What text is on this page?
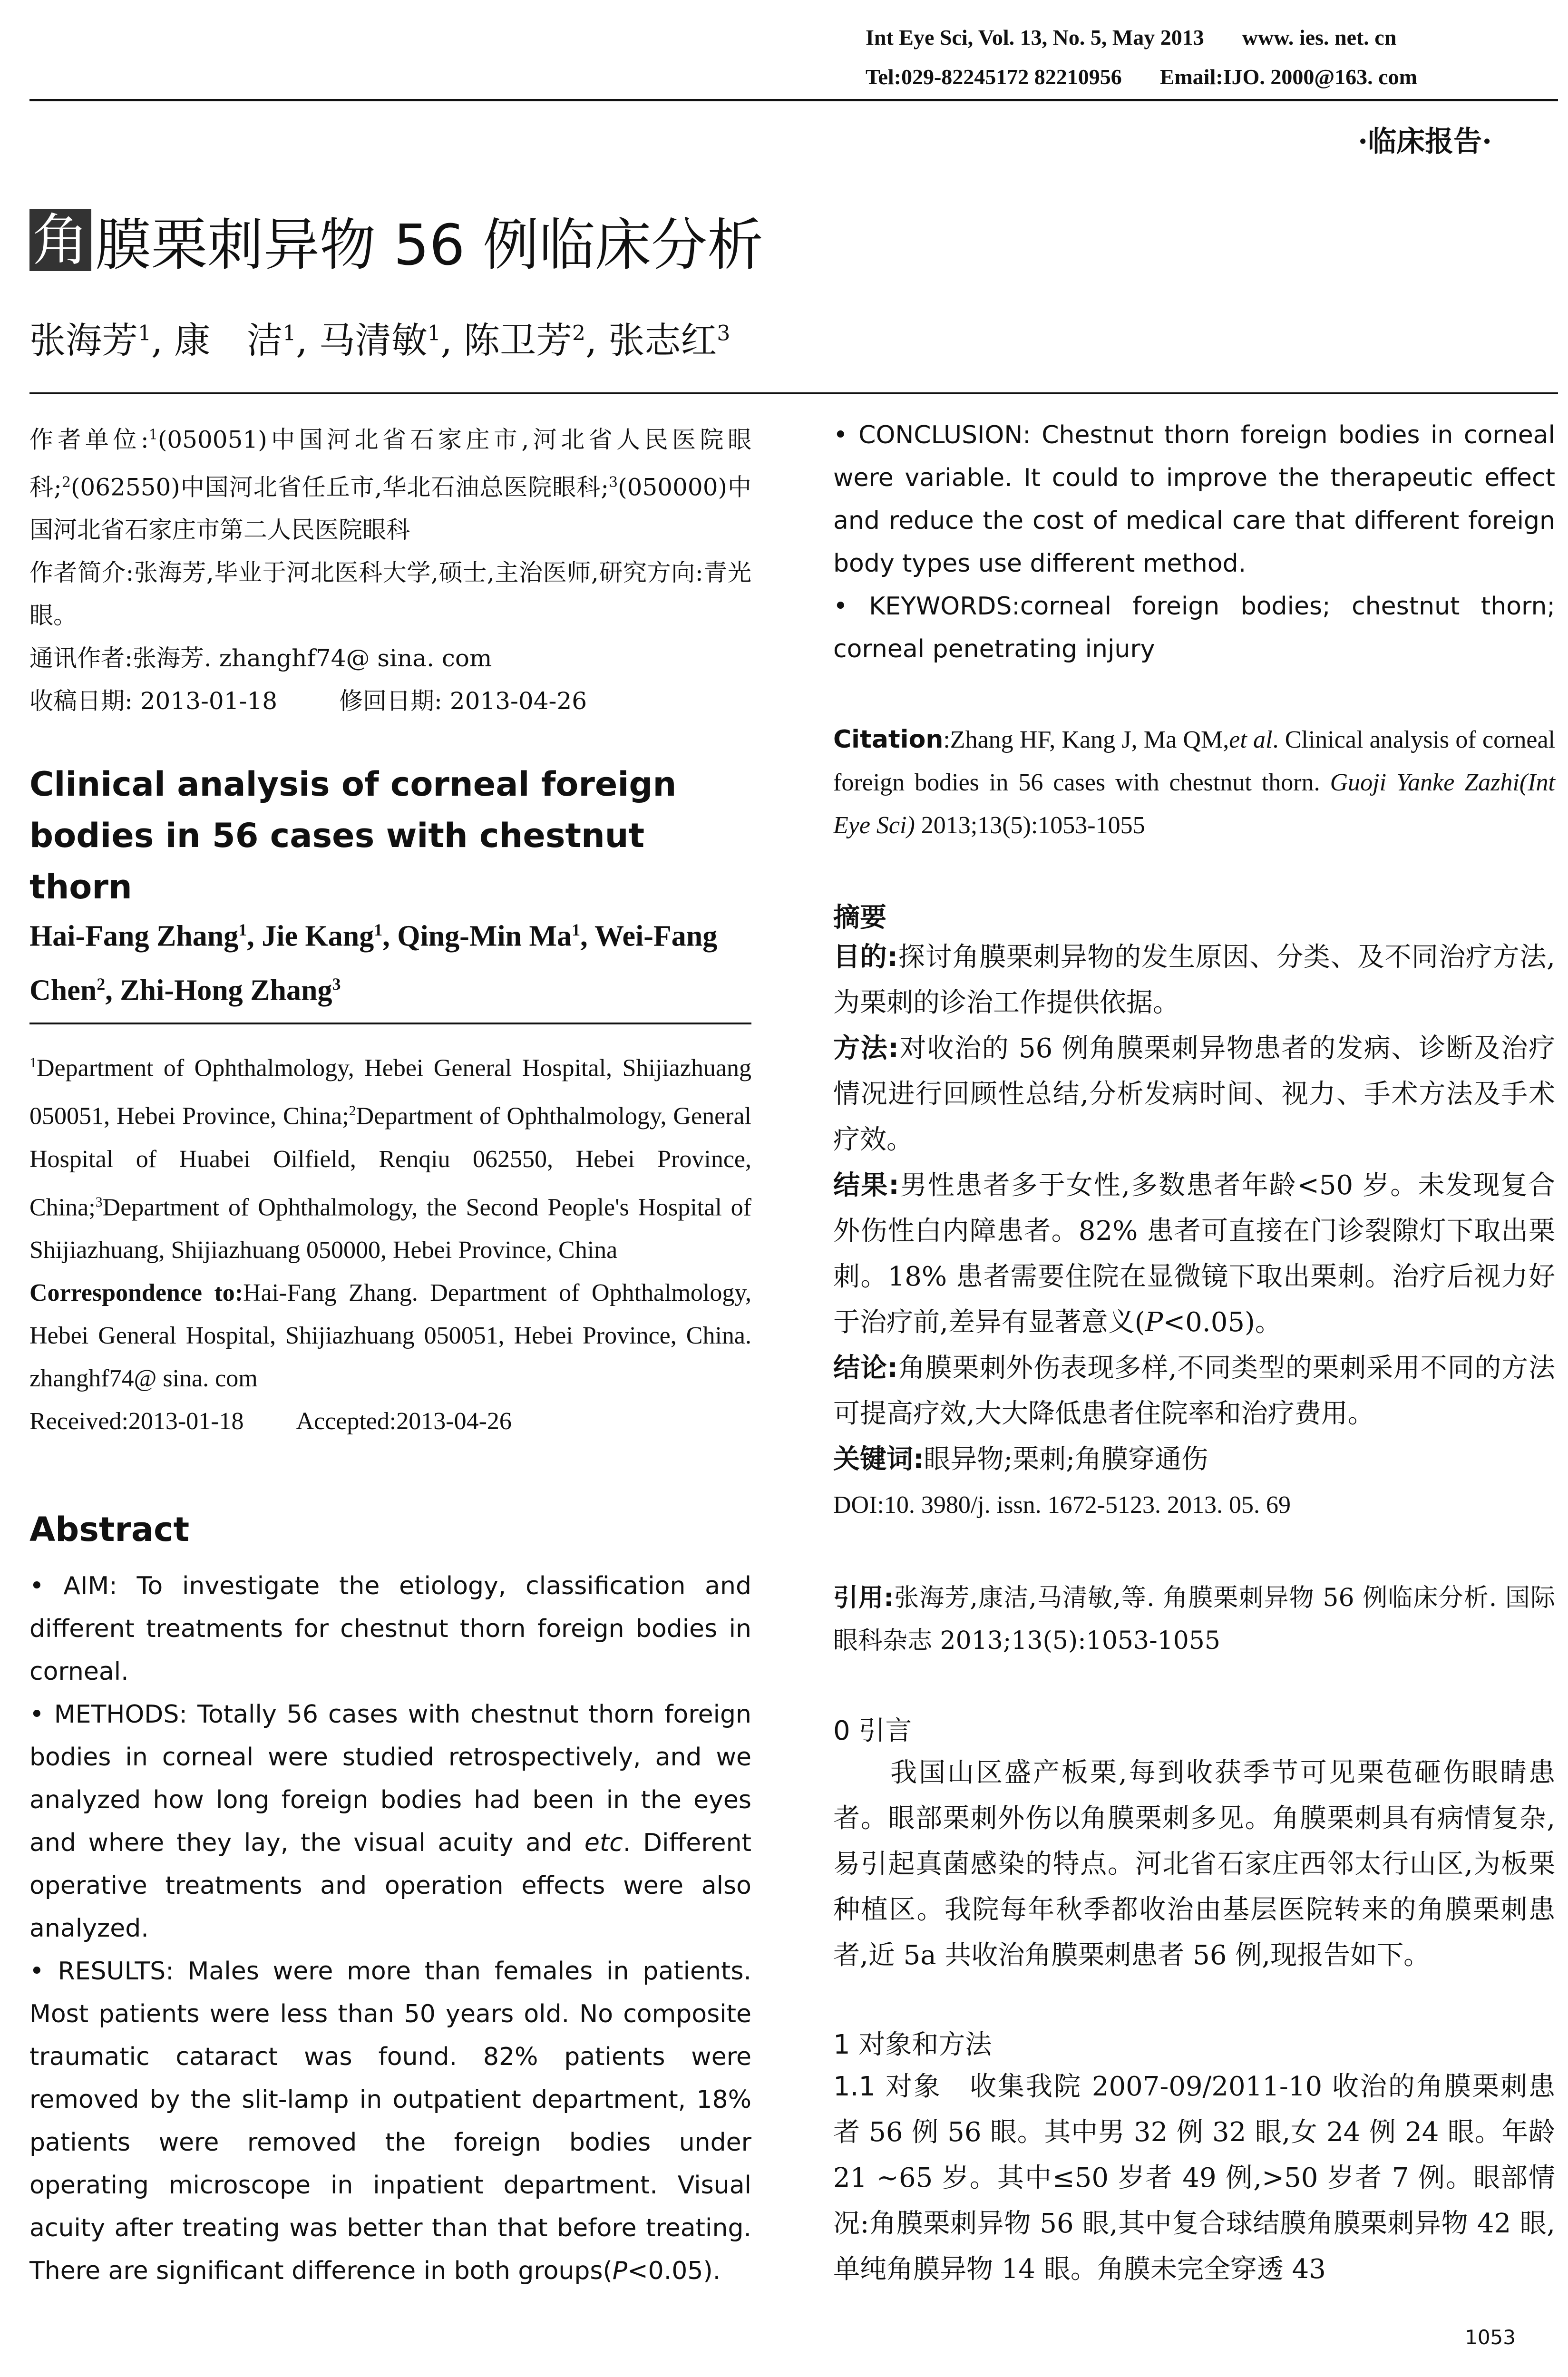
Int Eye Sci, Vol. 13, No. 5, May 2013 www. ies. net. cn
Tel:029-82245172 82210956 Email:IJO. 2000@163. com
·临床报告·
角 膜栗刺异物 56 例临床分析
张海芳$^1$, 康　洁$^1$, 马清敏$^1$, 陈卫芳$^2$, 张志红$^3$
作者单位:$^1$(050051)中国河北省石家庄市,河北省人民医院眼科;$^2$(062550)中国河北省任丘市,华北石油总医院眼科;$^3$(050000)中国河北省石家庄市第二人民医院眼科
作者简介:张海芳,毕业于河北医科大学,硕士,主治医师,研究方向:青光眼。
通讯作者:张海芳. zhanghf74@ sina. com
收稿日期: 2013-01-18	修回日期: 2013-04-26
Clinical analysis of corneal foreign bodies in 56 cases with chestnut thorn
Hai-Fang Zhang$^1$, Jie Kang$^1$, Qing-Min Ma$^1$, Wei-Fang Chen$^2$, Zhi-Hong Zhang$^3$
$^1$Department of Ophthalmology, Hebei General Hospital, Shijiazhuang 050051, Hebei Province, China;$^2$Department of Ophthalmology, General Hospital of Huabei Oilfield, Renqiu 062550, Hebei Province, China;$^3$Department of Ophthalmology, the Second People's Hospital of Shijiazhuang, Shijiazhuang 050000, Hebei Province, China
Correspondence to:Hai-Fang Zhang. Department of Ophthalmology, Hebei General Hospital, Shijiazhuang 050051, Hebei Province, China. zhanghf74@ sina. com
Received:2013-01-18 Accepted:2013-04-26
Abstract

• AIM: To investigate the etiology, classification and different treatments for chestnut thorn foreign bodies in corneal.

• METHODS: Totally 56 cases with chestnut thorn foreign bodies in corneal were studied retrospectively, and we analyzed how long foreign bodies had been in the eyes and where they lay, the visual acuity and etc. Different operative treatments and operation effects were also analyzed.

• RESULTS: Males were more than females in patients. Most patients were less than 50 years old. No composite traumatic cataract was found. 82% patients were removed by the slit-lamp in outpatient department, 18% patients were removed the foreign bodies under operating microscope in inpatient department. Visual acuity after treating was better than that before treating. There are significant difference in both groups(P<0.05).

• CONCLUSION: Chestnut thorn foreign bodies in corneal were variable. It could to improve the therapeutic effect and reduce the cost of medical care that different foreign body types use different method.

• KEYWORDS:corneal foreign bodies; chestnut thorn; corneal penetrating injury

Citation:Zhang HF, Kang J, Ma QM,et al. Clinical analysis of corneal foreign bodies in 56 cases with chestnut thorn. Guoji Yanke Zazhi(Int Eye Sci) 2013;13(5):1053-1055
摘要

目的:探讨角膜栗刺异物的发生原因、分类、及不同治疗方法,为栗刺的诊治工作提供依据。

方法:对收治的 56 例角膜栗刺异物患者的发病、诊断及治疗情况进行回顾性总结,分析发病时间、视力、手术方法及手术疗效。

结果:男性患者多于女性,多数患者年龄<50 岁。未发现复合外伤性白内障患者。82% 患者可直接在门诊裂隙灯下取出栗刺。18% 患者需要住院在显微镜下取出栗刺。治疗后视力好于治疗前,差异有显著意义(P<0.05)。

结论:角膜栗刺外伤表现多样,不同类型的栗刺采用不同的方法可提高疗效,大大降低患者住院率和治疗费用。

关键词:眼异物;栗刺;角膜穿通伤

DOI:10. 3980/j. issn. 1672-5123. 2013. 05. 69

引用:张海芳,康洁,马清敏,等. 角膜栗刺异物 56 例临床分析. 国际眼科杂志 2013;13(5):1053-1055
0 引言
我国山区盛产板栗,每到收获季节可见栗苞砸伤眼睛患者。眼部栗刺外伤以角膜栗刺多见。角膜栗刺具有病情复杂,易引起真菌感染的特点。河北省石家庄西邻太行山区,为板栗种植区。我院每年秋季都收治由基层医院转来的角膜栗刺患者,近 5a 共收治角膜栗刺患者 56 例,现报告如下。
1 对象和方法
1.1 对象　收集我院 2007-09/2011-10 收治的角膜栗刺患者 56 例 56 眼。其中男 32 例 32 眼,女 24 例 24 眼。年龄 21 ~65 岁。其中≤50 岁者 49 例,>50 岁者 7 例。眼部情况:角膜栗刺异物 56 眼,其中复合球结膜角膜栗刺异物 42 眼,单纯角膜异物 14 眼。角膜未完全穿透 43
1053
